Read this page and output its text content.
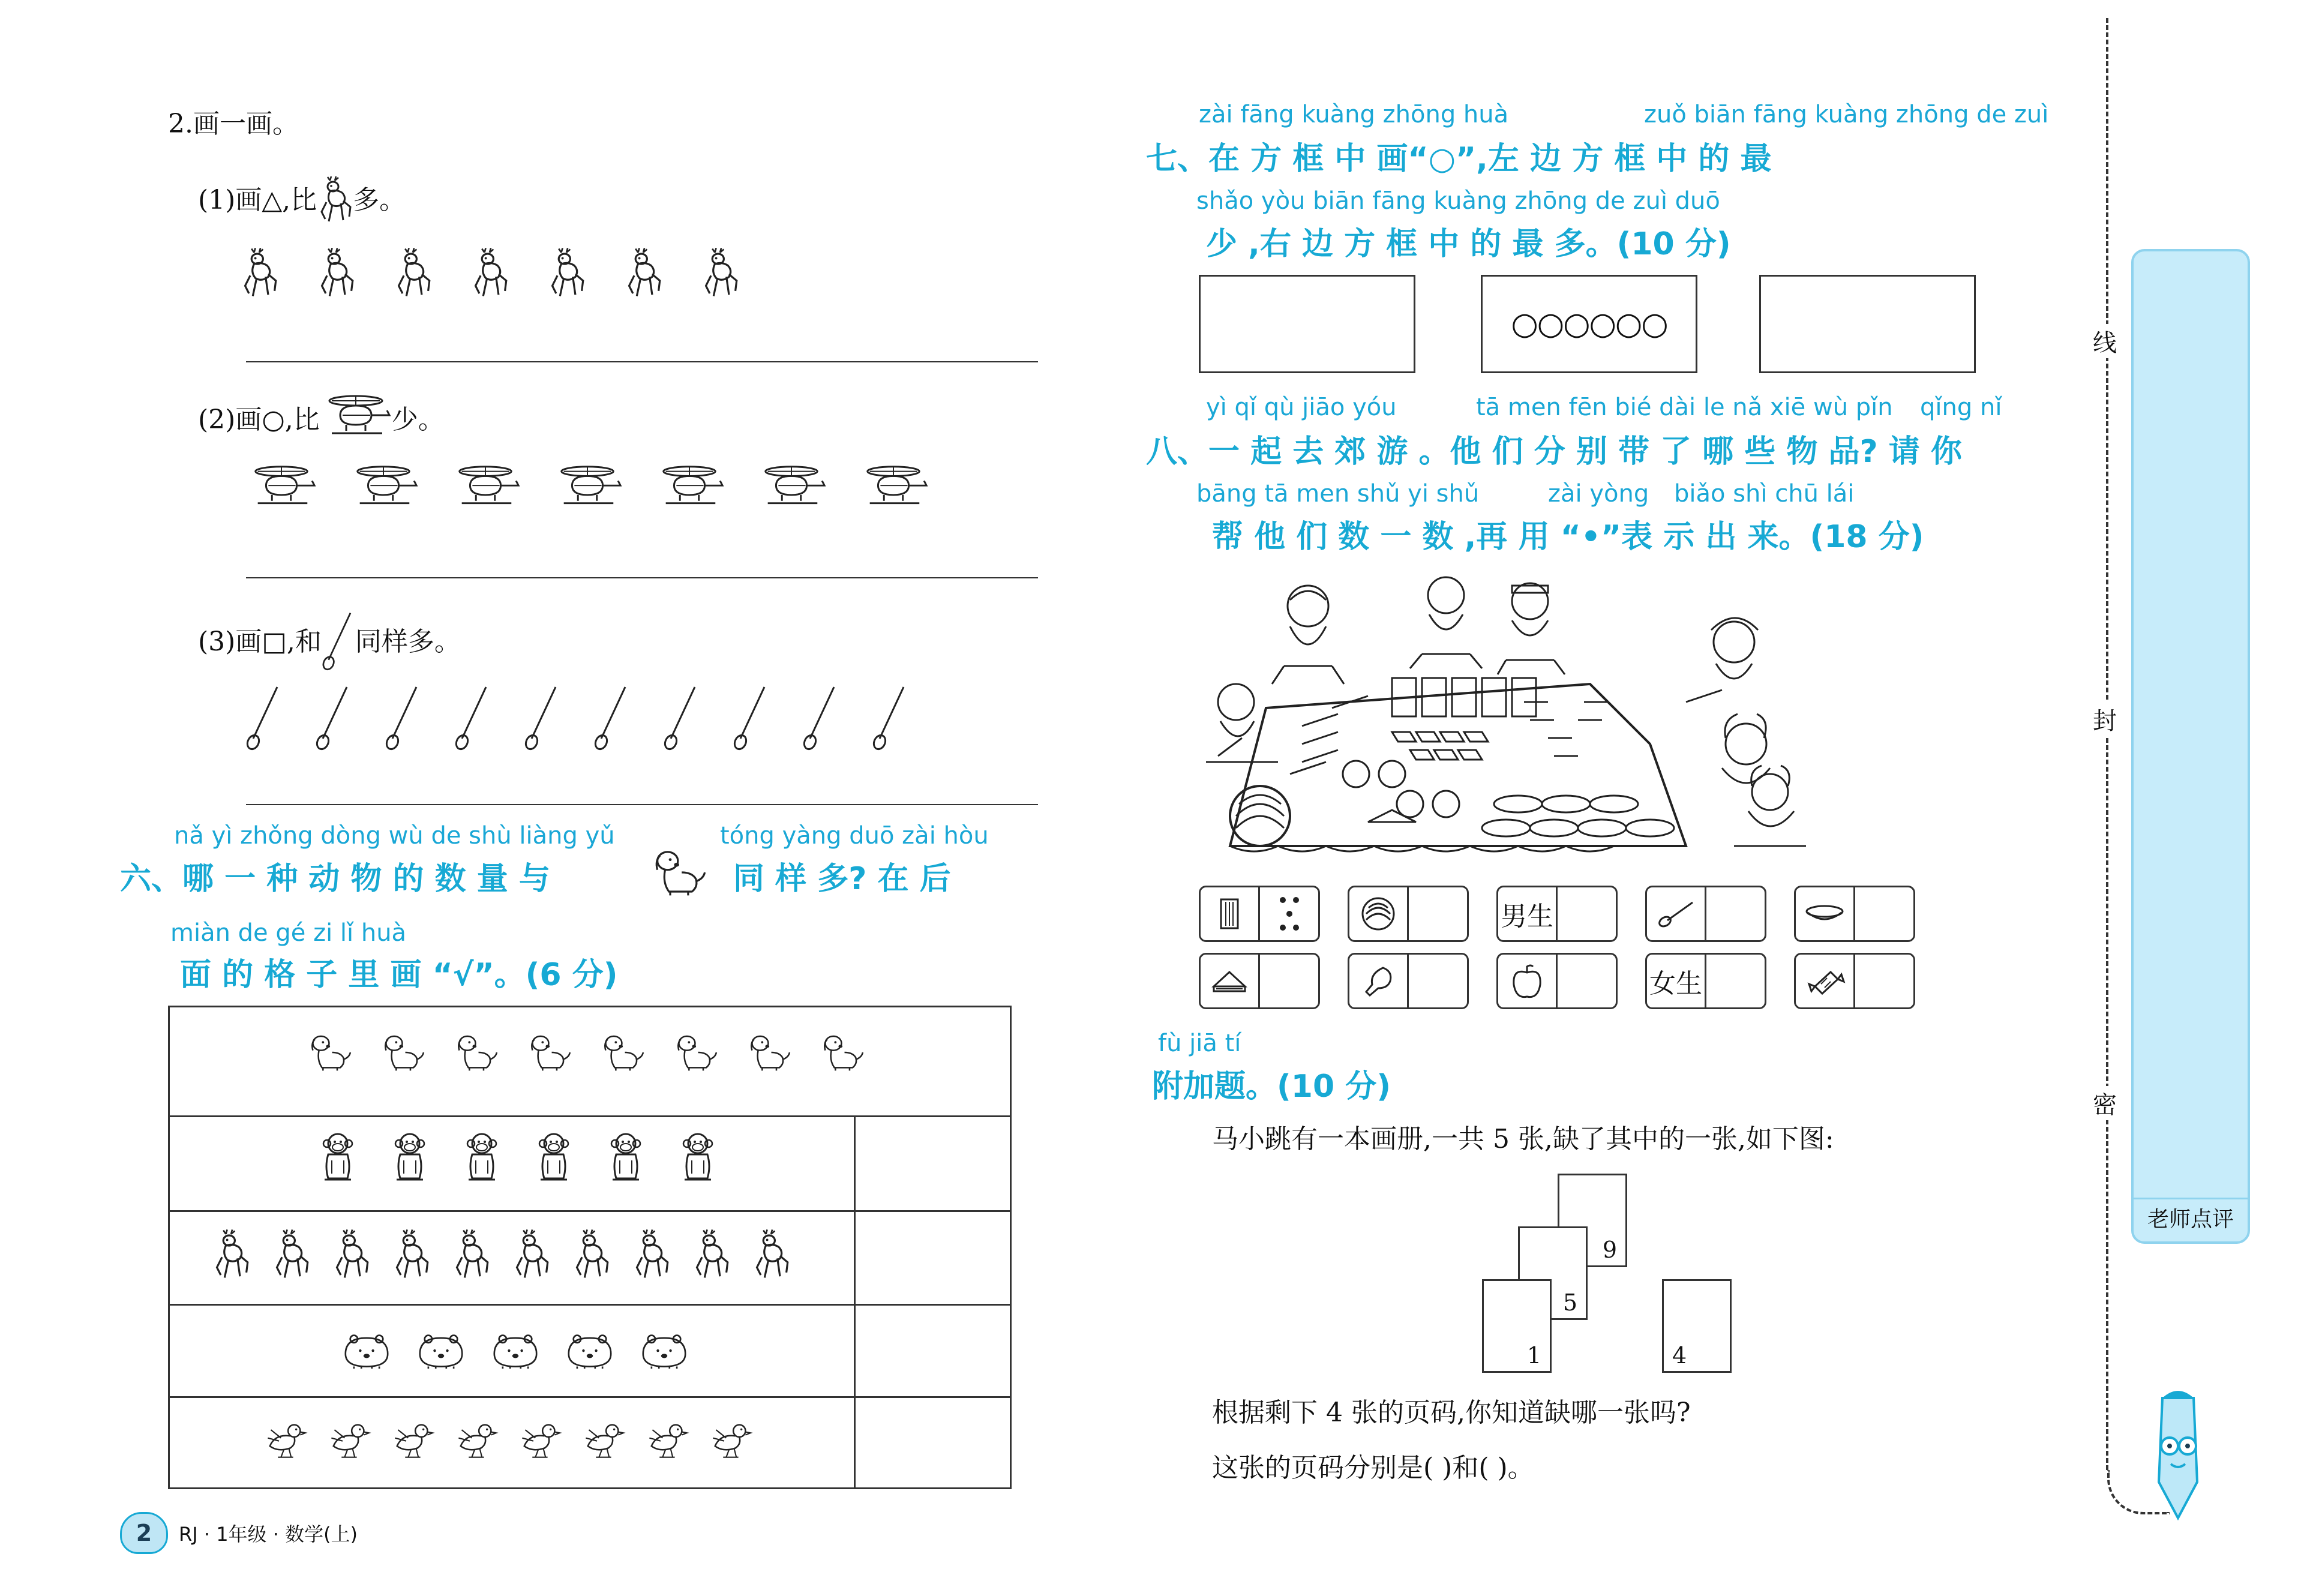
2.画一画。
(1)画△,比 多。
(2)画○,比	少。
(3)画□,和 同样多。
nǎ yì zhǒng dòng wù de shù liàng yǔ	tóng yàng duō zài hòu
六、哪 一 种 动 物 的 数 量 与	同 样 多? 在 后
miàn de gé zi lǐ huà
面 的 格 子 里 画 “√”。(6 分)
2 RJ · 1年级 · 数学(上)
zài fāng kuàng zhōng huà	zuǒ biān fāng kuàng zhōng de zuì
七、在 方 框 中 画“○”,左 边 方 框 中 的 最
shǎo yòu biān fāng kuàng zhōng de zuì duō
少 ,右 边 方 框 中 的 最 多。(10 分)
○○○○○○
yì qǐ qù jiāo yóu	tā men fēn bié dài le nǎ xiē wù pǐn qǐng nǐ
八、一 起 去 郊 游 。他 们 分 别 带 了 哪 些 物 品? 请 你
bāng tā men shǔ yi shǔ	zài yòng biǎo shì chū lái
帮 他 们 数 一 数 ,再 用 “•”表 示 出 来。(18 分)
男生
女生
fù jiā tí
附加题。(10 分)
马小跳有一本画册,一共 5 张,缺了其中的一张,如下图:
9
5
1	4
根据剩下 4 张的页码,你知道缺哪一张吗?
这张的页码分别是( )和( )。
线
封
密
老师点评
